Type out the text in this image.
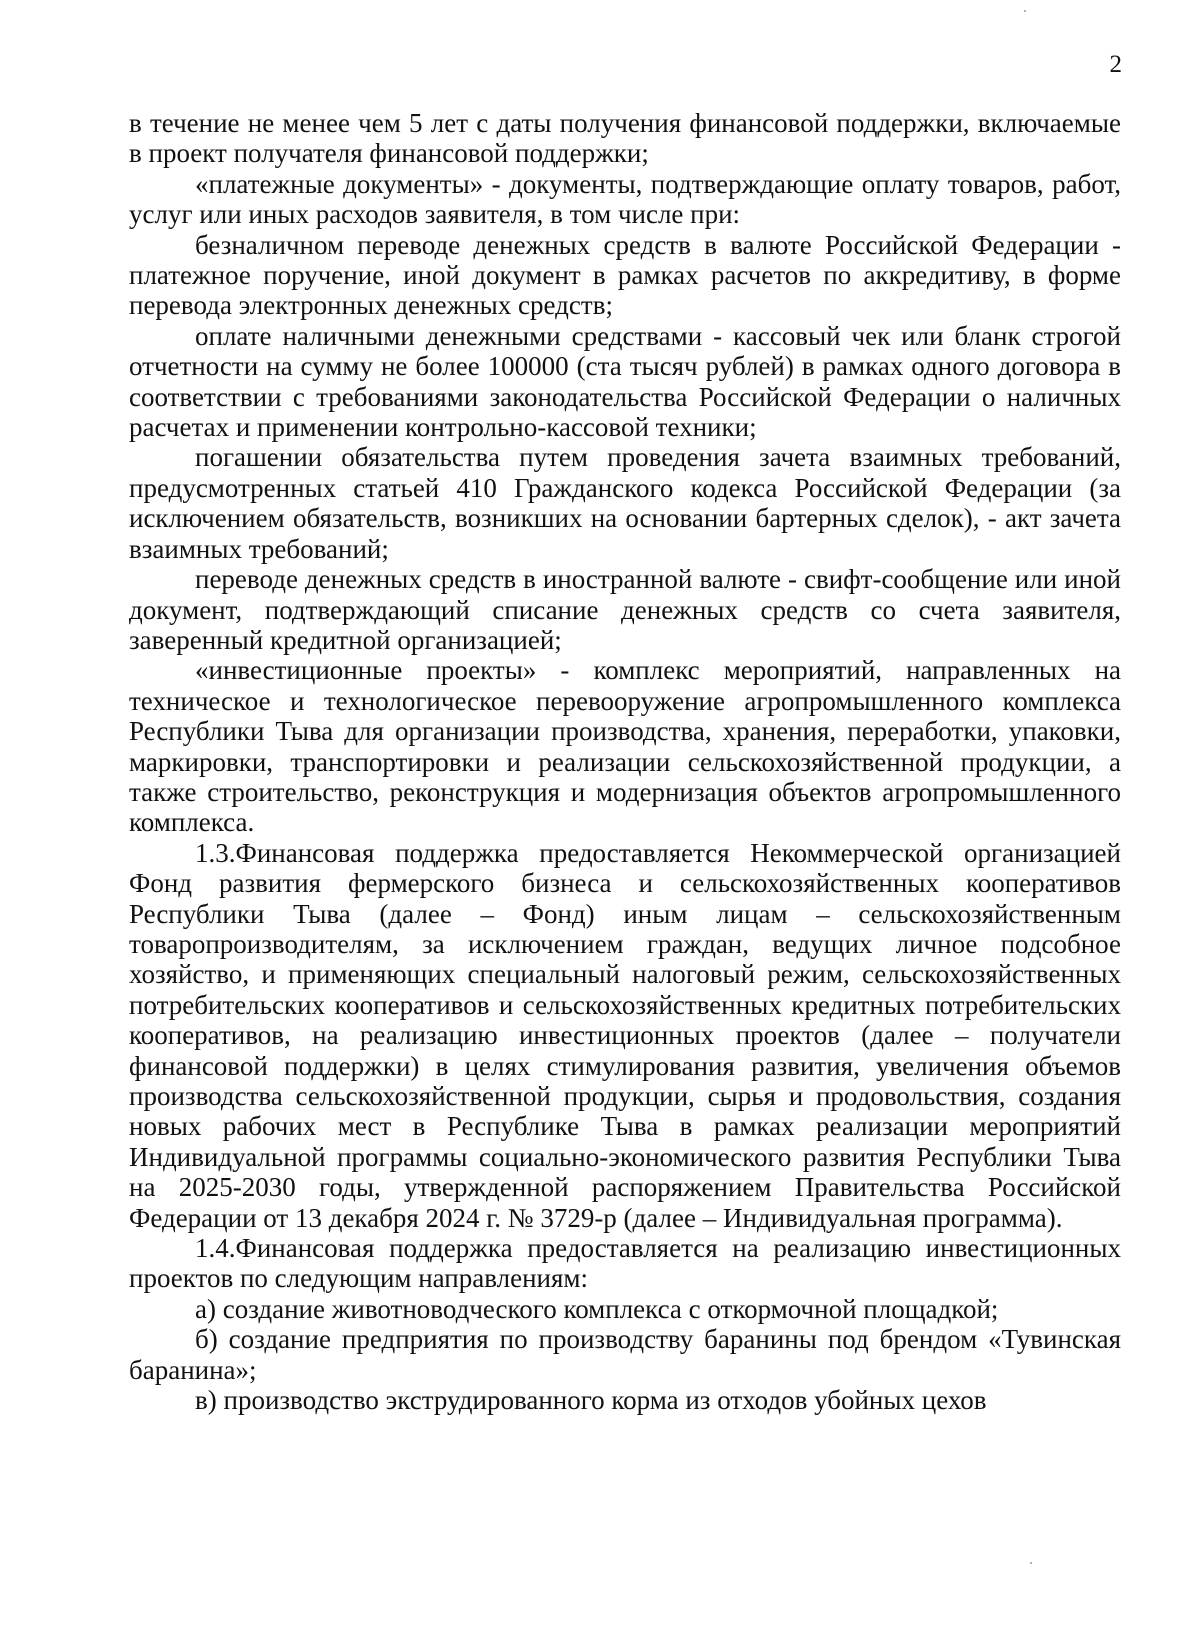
2

в течение не менее чем 5 лет с даты получения финансовой поддержки, включаемые в проект получателя финансовой поддержки;

«платежные документы» - документы, подтверждающие оплату товаров, работ, услуг или иных расходов заявителя, в том числе при:

безналичном переводе денежных средств в валюте Российской Федерации - платежное поручение, иной документ в рамках расчетов по аккредитиву, в форме перевода электронных денежных средств;

оплате наличными денежными средствами - кассовый чек или бланк строгой отчетности на сумму не более 100000 (ста тысяч рублей) в рамках одного договора в соответствии с требованиями законодательства Российской Федерации о наличных расчетах и применении контрольно-кассовой техники;

погашении обязательства путем проведения зачета взаимных требований, предусмотренных статьей 410 Гражданского кодекса Российской Федерации (за исключением обязательств, возникших на основании бартерных сделок), - акт зачета взаимных требований;

переводе денежных средств в иностранной валюте - свифт-сообщение или иной документ, подтверждающий списание денежных средств со счета заявителя, заверенный кредитной организацией;

«инвестиционные проекты» - комплекс мероприятий, направленных на техническое и технологическое перевооружение агропромышленного комплекса Республики Тыва для организации производства, хранения, переработки, упаковки, маркировки, транспортировки и реализации сельскохозяйственной продукции, а также строительство, реконструкция и модернизация объектов агропромышленного комплекса.

1.3.Финансовая поддержка предоставляется Некоммерческой организацией Фонд развития фермерского бизнеса и сельскохозяйственных кооперативов Республики Тыва (далее – Фонд) иным лицам – сельскохозяйственным товаропроизводителям, за исключением граждан, ведущих личное подсобное хозяйство, и применяющих специальный налоговый режим, сельскохозяйственных потребительских кооперативов и сельскохозяйственных кредитных потребительских кооперативов, на реализацию инвестиционных проектов (далее – получатели финансовой поддержки) в целях стимулирования развития, увеличения объемов производства сельскохозяйственной продукции, сырья и продовольствия, создания новых рабочих мест в Республике Тыва в рамках реализации мероприятий Индивидуальной программы социально-экономического развития Республики Тыва на 2025-2030 годы, утвержденной распоряжением Правительства Российской Федерации от 13 декабря 2024 г. № 3729-р (далее – Индивидуальная программа).

1.4.Финансовая поддержка предоставляется на реализацию инвестиционных проектов по следующим направлениям:

а) создание животноводческого комплекса с откормочной площадкой;

б) создание предприятия по производству баранины под брендом «Тувинская баранина»;

в) производство экструдированного корма из отходов убойных цехов
